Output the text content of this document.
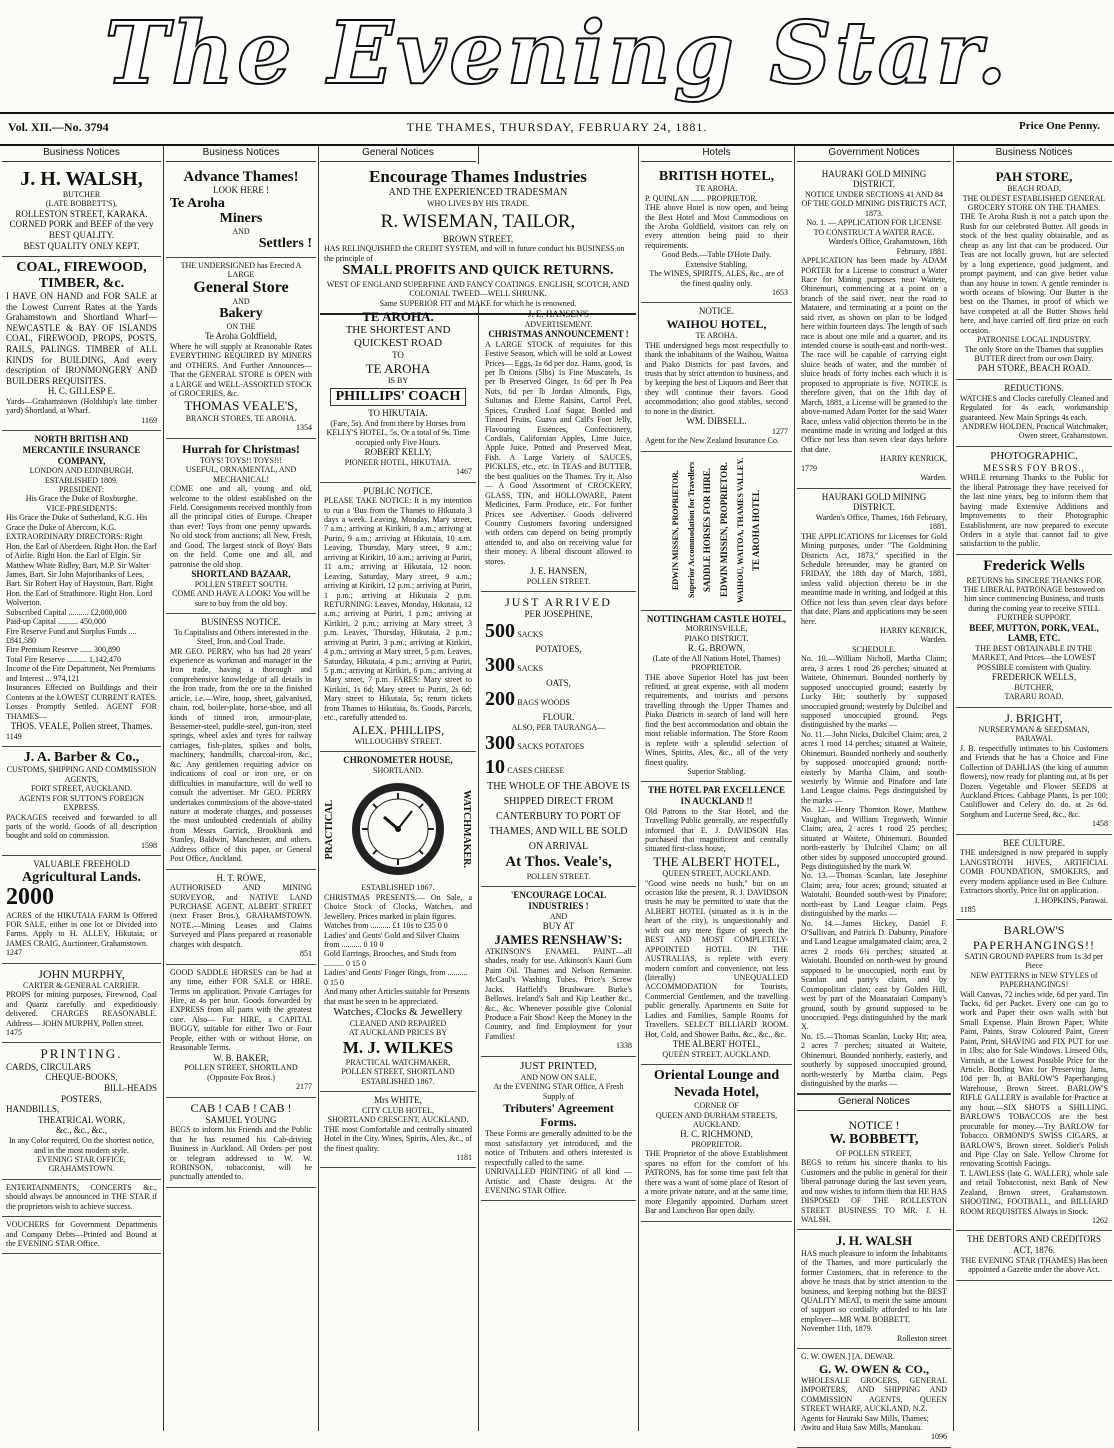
The Evening Star.
Vol. XII.—No. 3794	THE THAMES, THURSDAY, FEBRUARY 24, 1881.	Price One Penny.
Business Notices
J. H. WALSH,
BUTCHER
(LATE BOBBETT'S),
ROLLESTON STREET, KARAKA.
CORNED PORK and BEEF of the very BEST QUALITY.
BEST QUALITY ONLY KEPT.
COAL, FIREWOOD, TIMBER, &c.
I HAVE ON HAND and FOR SALE at the Lowest Current Rates at the Yards Grahamstown and Shortland Wharf— NEWCASTLE & BAY OF ISLANDS COAL, FIREWOOD, PROPS, POSTS, RAILS, PALINGS. TIMBER of ALL KINDS for BUILDING, And every description of IRONMONGERY AND BUILDERS REQUISITES.
H. C. GILLESP E.
Yards—Grahamstown (Holdship's late timber yard) Shortland, at Wharf.
1169
NORTH BRITISH AND MERCANTILE INSURANCE COMPANY,
LONDON AND EDINBURGH.
ESTABLISHED 1809.
PRESIDENT:
His Grace the Duke of Roxburghe.
VICE-PRESIDENTS:
His Grace the Duke of Sutherland, K.G. His Grace the Duke of Abercorn, K.G. EXTRAORDINARY DIRECTORS: Right Hon. the Earl of Aberdeen. Right Hon. the Earl of Airlie. Right Hon. the Earl of Elgin. Sir Matthew White Ridley, Bart, M.P. Sir Walter James, Bart. Sir John Majoribanks of Lees, Bart. Sir Robert Hay of Haystoun, Bart. Right Hon. the Earl of Strathmore. Right Hon. Lord Wolverton.
Subscribed Capital .......... £2,000,000
Paid-up Capital .......... 450,000
Fire Reserve Fund and Surplus Funds .... £841,580
Fire Premium Reserve ...... 300,890
Total Fire Reserve .......... 1,142,470
Income of the Fire Department, Net Premiums and Interest ... 974,121
Insurances Effected on Buildings and their Contents at the LOWEST CURRENT RATES. Losses Promptly Settled. AGENT FOR THAMES—
THOS. VEALE, Pollen street, Thames.
1149
J. A. Barber & Co.,
CUSTOMS, SHIPPING AND COMMISSION AGENTS,
FORT STREET, AUCKLAND.
AGENTS FOR SUTTON'S FOREIGN EXPRESS.
PACKAGES received and forwarded to all parts of the world. Goods of all description bought and sold on commission.
1598
VALUABLE FREEHOLD
Agricultural Lands.
2000
ACRES of the HIKUTAIA FARM Is Offered FOR SALE, either in one lot or Divided into Farms. Apply to H. ALLEY, Hikutaia; or JAMES CRAIG, Auctioneer, Grahamstown.
1247
JOHN MURPHY,
CARTER & GENERAL CARRIER.
PROPS for mining purposes, Firewood, Coal and Quartz carefully and expeditiously delivered. CHARGES REASONABLE. Address— JOHN MURPHY, Pollen street.
1475
PRINTING.
CARDS, CIRCULARS
CHEQUE-BOOKS,
BILL-HEADS
POSTERS,
HANDBILLS,
THEATRICAL WORK,
&c., &c., &c.,
In any Color required, On the shortest notice, and in the most modern style.
EVENING STAR OFFICE, GRAHAMSTOWN.
ENTERTAINMENTS, CONCERTS &c., should always be announced in THE STAR if the proprietors wish to achieve success.
VOUCHERS for Government Departments and Company Debts—Printed and Bound at the EVENING STAR Office.
Business Notices
Advance Thames!
LOOK HERE !
Te Aroha
Miners
AND
Settlers !
THE UNDERSIGNED has Erected A LARGE
General Store
AND
Bakery
ON THE
Te Aroha Goldfield,
Where he will supply at Reasonable Rates EVERYTHING REQUIRED BY MINERS and OTHERS. And Further Announces—That the GENERAL STORE is OPEN with a LARGE and WELL-ASSORTED STOCK of GROCERIES, &c.
THOMAS VEALE'S,
BRANCH STORES, TE AROHA.
1354
Hurrah for Christmas!
TOYS! TOYS!! TOYS!!!
USEFUL, ORNAMENTAL, AND MECHANICAL!
COME one and all, young and old, welcome to the oldest established on the Field. Consignments received monthly from all the principal cities of Europe. Cheaper than ever! Toys from one penny upwards. No old stock from auctions; all New, Fresh, and Good. The largest stock of Boys' Bats on the field. Come one and all, and patronise the old shop.
SHORTLAND BAZAAR,
POLLEN STREET SOUTH.
COME AND HAVE A LOOK! You will be sure to buy from the old boy.
BUSINESS NOTICE.
To Capitalists and Others interested in the Steel, Iron, and Coal Trade.
MR GEO. PERRY, who has had 28 years' experience as workman and manager in the Iron trade, having a thorough and comprehensive knowledge of all details in the Iron trade, from the ore to the finished article, i.e.—Wire, hoop, sheet, galvanised, chain, rod, boiler-plate, horse-shoe, and all kinds of tinned iron, armour-plate, Bessemer-steel, puddle-steel, gun-iron, steel springs, wheel axles and tyres for railway carriages, fish-plates, spikes and bolts, machinery, handmills, charcoal-iron, &c., &c. Any gentlemen requiring advice on indications of coal or iron ore, or on difficulties in manufacture, will do well to consult the advertiser. Mr GEO. PERRY undertakes commissions of the above-stated nature at moderate charges, and possesses the most undoubted credentials of ability from Messrs Garrick, Brookbank and Stanley, Baldwin, Manchester, and others. Address office of this paper, or General Post Office, Auckland.
H. T. ROWE,
AUTHORISED AND MINING SURVEYOR, and NATIVE LAND PURCHASE AGENT, ALBERT STREET (next Fraser Bros.), GRAHAMSTOWN. NOTE.—Mining Leases and Claims Surveyed and Plans prepared at reasonable charges with despatch.
851
GOOD SADDLE HORSES can be had at any time, either FOR SALE or HIRE. Terms on application. Private Carriages for Hire, at 4s per hour. Goods forwarded by EXPRESS from all parts with the greatest care. Also— For HIRE, a CAPITAL BUGGY, suitable for either Two or Four People, either with or without Horse, on Reasonable Terms.
W. B. BAKER,
POLLEN STREET, SHORTLAND
(Opposite Fox Bros.)
2177
CAB ! CAB ! CAB !
SAMUEL YOUNG
BEGS to inform his Friends and the Public that he has resumed his Cab-driving Business in Auckland. All Orders per post or telegram addressed to W. W. ROBINSON, tobacconist, will be punctually attended to.
General Notices
Encourage Thames Industries
AND THE EXPERIENCED TRADESMAN
WHO LIVES BY HIS TRADE.
R. WISEMAN, TAILOR,
BROWN STREET,
HAS RELINQUISHED the CREDIT SYSTEM, and will in future conduct his BUSINESS on the principle of
SMALL PROFITS AND QUICK RETURNS.
WEST OF ENGLAND SUPERFINE AND FANCY COATINGS. ENGLISH, SCOTCH, AND COLONIAL TWEED—WELL SHRUNK.
Same SUPERIOR FIT and MAKE for which he is renowned.
TE AROHA.
THE SHORTEST AND
QUICKEST ROAD
TO
TE AROHA
IS BY
PHILLIPS' COACH
TO HIKUTAIA.
(Fare, 5s). And from there by Horses from KELLY'S HOTEL, 5s, Or a total of 9s. Time occupied only Five Hours.
ROBERT KELLY,
PIONEER HOTEL, HIKUTAIA.
1467
PUBLIC NOTICE.
PLEASE TAKE NOTICE: It is my intention to run a 'Bus from the Thames to Hikutaia 3 days a week. Leaving, Monday, Mary street, 7 a.m.; arriving at Kirikiri, 8 a.m.; arriving at Puriri, 9 a.m.; arriving at Hikutaia, 10 a.m. Leaving, Thursday, Mary street, 9 a.m.; arriving at Kirikiri, 10 a.m.; arriving at Puriri, 11 a.m.; arriving at Hikutaia, 12 noon. Leaving, Saturday, Mary street, 9 a.m.; arriving at Kirikiri, 12 p.m.; arriving at Puriri, 1 p.m.; arriving at Hikutaia 2 p.m. RETURNING: Leaves, Monday, Hikutaia, 12 a.m.; arriving at Puriri, 1 p.m.; arriving at Kirikiri, 2 p.m.; arriving at Mary street, 3 p.m. Leaves, Thursday, Hikutaia, 2 p.m.; arriving at Puriri, 3 p.m.; arriving at Kirikiri, 4 p.m.; arriving at Mary street, 5 p.m. Leaves, Saturday, Hikutaia, 4 p.m.; arriving at Puriri, 5 p.m.; arriving at Kirikiri, 6 p.m.; arriving at Mary street, 7 p.m. FARES: Mary street to Kirikiri, 1s 6d; Mary street to Puriri, 2s 6d; Mary street to Hikutaia, 5s; return tickets from Thames to Hikutaia, 8s. Goods, Parcels, etc., carefully attended to.
ALEX. PHILLIPS,
WILLOUGHBY STREET.
CHRONOMETER HOUSE,
SHORTLAND.
PRACTICAL	WATCHMAKER.
ESTABLISHED 1867.
CHRISTMAS PRESENTS.— On Sale, a Choice Stock of Clocks, Watches, and Jewellery. Prices marked in plain figures.
Watches from .......... £1 10s to £35 0 0
Ladies' and Gents' Gold and Silver Chains from .......... 0 10 0
Gold Earrings, Brooches, and Studs from .......... 0 15 0
Ladies' and Gents' Finger Rings, from .......... 0 15 0
And many other Articles suitable for Presents that must be seen to be appreciated.
Watches, Clocks & Jewellery
CLEANED AND REPAIRED
AT AUCKLAND PRICES BY
M. J. WILKES
PRACTICAL WATCHMAKER,
POLLEN STREET, SHORTLAND
ESTABLISHED 1867.
Mrs WHITE,
CITY CLUB HOTEL,
SHORTLAND CRESCENT, AUCKLAND.
THE most Comfortable and centrally situated Hotel in the City. Wines, Spirits, Ales, &c., of the finest quality.
1181
J. E. HANSEN'S
ADVERTISEMENT.
CHRISTMAS ANNOUNCEMENT !
A LARGE STOCK of requisites for this Festive Season, which will be sold at Lowest Prices— Eggs, 1s 6d per doz. Hams, good, 1s per lb Onions (5lbs) 1s Fine Muscatels, 1s per lb Preserved Ginger, 1s 6d per lb Pea Nuts, 6d per lb Jordan Almonds, Figs, Sultanas and Eleme Raisins, Carrol Peel, Spices, Crushed Loaf Sugar. Bottled and Tinned Fruits, Guava and Calf's Foot Jelly, Flavouring Essences, Confectionery, Cordials, Californian Apples, Lime Juice, Apple Juice, Potted and Preserved Meat, Fish. A Large Variety of SAUCES, PICKLES, etc., etc. In TEAS and BUTTER, the best qualities on the Thames. Try it. Also— A Good Assortment of CROCKERY, GLASS, TIN, and HOLLOWARE, Patent Medicines, Farm Produce, etc. For further Prices see Advertiser. Goods delivered Country Customers favoring undersigned with orders can depend on being promptly attended to, and also on receiving value for their money. A liberal discount allowed to stores.
J. E. HANSEN,
POLLEN STREET.
JUST ARRIVED
PER JOSEPHINE,
500 SACKS
POTATOES,
300 SACKS
OATS,
200 BAGS WOODS
FLOUR.
ALSO, PER TAURANGA—
300 SACKS POTATOES
10 CASES CHEESE
THE WHOLE OF THE ABOVE IS SHIPPED DIRECT FROM CANTERBURY TO PORT OF THAMES, AND WILL BE SOLD ON ARRIVAL
At Thos. Veale's,
POLLEN STREET.
'ENCOURAGE LOCAL INDUSTRIES !
AND
BUY AT
JAMES RENSHAW'S:
ATKINSON'S ENAMEL PAINT—all shades, ready for use. Atkinson's Kauri Gum Paint Oil. Thames and Nelson Remanite. McCaul's Washing Tubes. Price's Screw Jacks. Hatfield's Brushware. Burke's Bellows. Ireland's Salt and Kip Leather &c., &c., &c. Whenever possible give Colonial Produce a Fair Show! Keep the Money in the Country, and find Employment for your Families!
1338
JUST PRINTED,
AND NOW ON SALE,
At the EVENING STAR Office, A Fresh Supply of
Tributers' Agreement Forms.
These Forms are generally admitted to be the most satisfactory yet introduced, and the notice of Tributers and others interested is respectfully called to the same.
UNRIVALLED PRINTING of all kind —Artistic and Chaste designs. At the EVENING STAR Office.
Hotels
BRITISH HOTEL,
TE AROHA.
P. QUINLAN ....... PROPRIETOR.
THE above Hotel is now open, and being the Best Hotel and Most Commodious on the Aroha Goldfield, visitors can rely on every attention being paid to their requirements.
Good Beds.—Table D'Hote Daily.
Extensive Stabling.
The WINES, SPIRITS, ALES, &c., are of the finest quality only.
1653
NOTICE.
WAIHOU HOTEL,
TE AROHA.
THE undersigned begs most respectfully to thank the inhabitants of the Waihou, Waitoa and Piako Districts for past favors, and trusts that by strict attention to business, and by keeping the best of Liquors and Beer that they will continue their favors. Good accommodation; also good stables, second to none in the district.
WM. DIBSELL.
1277
Agent for the New Zealand Insurance Co.
EDWIN MISSEN, PROPRIETOR. Superior Accommodation for Travellers SADDLE HORSES FOR HIRE. EDWIN MISSEN, PROPRIETOR. WAIHOU, WAITOA, THAMES VALLEY. TE AROHA HOTEL
NOTTINGHAM CASTLE HOTEL,
MORRINSVILLE,
PIAKO DISTRICT.
R. G. BROWN,
(Late of the All Nations Hotel, Thames) PROPRIETOR.
THE above Superior Hotel has just been refitted, at great expense, with all modern requirements, and tourists and persons travelling through the Upper Thames and Piako Districts in search of land will here find the best accommodation and obtain the most reliable information. The Store Room is replete with a splendid selection of Wines, Spirits, Ales, &c., all of the very finest quality.
Superior Stabling.
THE HOTEL PAR EXCELLENCE IN AUCKLAND !!
Old Patrons to the Star Hotel, and the Travelling Public generally, are respectfully informed that E. J. DAVIDSON Has purchased that magnificent and centrally situated first-class house,
THE ALBERT HOTEL,
QUEEN STREET, AUCKLAND.
"Good wine needs no bush," but on an occasion like the present, R. J. DAVIDSON trusts he may be permitted to state that the ALBERT HOTEL (situated as it is in the heart of the city), is unquestionably and with out any mere figure of speech the BEST AND MOST COMPLETELY-APPOINTED HOTEL IN THE AUSTRALIAS, is replete with every modern comfort and convenience, not less (literally) UNEQUALLED ACCOMMODATION for Tourists, Commercial Gentlemen, and the travelling public generally. Apartments en Suite for Ladies and Families, Sample Rooms for Travellers. SELECT BILLIARD ROOM. Hot, Cold, and Shower Baths, &c., &c., &c.
THE ALBERT HOTEL,
QUEEN STREET, AUCKLAND.
Oriental Lounge and Nevada Hotel,
CORNER OF
QUEEN AND DURHAM STREETS, AUCKLAND.
H. C. RICHMOND,
PROPRIETOR.
THE Proprietor of the above Establishment spares no effort for the comfort of his PATRONS, has for some time past felt that there was a want of some place of Resort of a more private nature, and at the same time, more Elegantly appointed. Durham street Bar and Luncheon Bar open daily.
Government Notices
HAURAKI GOLD MINING DISTRICT.
NOTICE UNDER SECTIONS 41 AND 84 OF THE GOLD MINING DISTRICTS ACT, 1873.
No. 1. — APPLICATION FOR LICENSE TO CONSTRUCT A WATER RACE.
Warden's Office, Grahamstown, 16th February, 1881.
APPLICATION has been made by ADAM PORTER for a License to construct a Water Race for Mining purposes near Waitete, Ohinemuri, commencing at a point on a branch of the said river, near the road to Matatere, and terminating at a point on the said river, as shown on plan to be lodged here within fourteen days. The length of such race is about one mile and a quarter, and its intended course is south-east and north-west. The race will be capable of carrying eight sluice heads of water, and the number of sluice heads of forty inches each which it is proposed to appropriate is five. NOTICE is therefore given, that on the 18th day of March, 1881, a License will be granted to the above-named Adam Porter for the said Water Race, unless valid objection thereto be in the meantime made in writing and lodged at this Office not less than seven clear days before that date.
HARRY KENRICK,
1779
Warden.
HAURAKI GOLD MINING DISTRICT.
Warden's Office, Thames, 16th February, 1881.
THE APPLICATIONS for Licenses for Gold Mining purposes, under "The Goldmining Districts Act, 1873," specified in the Schedule hereunder, may be granted on FRIDAY, the 18th day of March, 1881, unless valid objection thereto be in the meantime made in writing, and lodged at this Office not less than seven clear days before that date. Plans and applications may be seen here.
HARRY KENRICK,
Warden.
SCHEDULE.
No. 10.—William Nicholl, Martha Claim; area, 3 acres 1 rood 26 perches; situated at Waitete, Ohinemuri. Bounded northerly by supposed unoccupied ground; easterly by Lucky Hit; southerly by supposed unoccupied ground; westerly by Dulcibel and supposed unoccupied ground. Pegs distinguished by the marks —
No. 11.—John Nicks, Dulcibel Claim; area, 2 acres 1 rood 14 perches; situated at Waitete, Ohinemuri. Bounded northerly and southerly by supposed unoccupied ground; north-easterly by Martha Claim, and south-westerly by Winnie and Pinafore and late Land League claims. Pegs distinguished by the marks —
No. 12.—Henry Thornton Rowe, Matthew Vaughan, and William Tregoweth, Winnie Claim; area, 2 acres 1 rood 25 perches; situated at Waitete, Ohinemuri. Bounded north-easterly by Dulcibel Claim; on all other sides by supposed unoccupied ground. Pegs distinguished by the mark W.
No. 13.—Thomas Scanlan, late Josephine Claim; area, four acres; ground; situated at Waiotahi. Bounded south-west by Pinafore; north-east by Land League claim. Pegs distinguished by the marks —
No. 14.—James Hickey, Daniel F. O'Sullivan, and Patrick D. Dabunty, Pinafore and Land League amalgamated claim; area, 2 acres 2 roods 6¾ perches; situated at Waiotahi. Bounded on north-west by ground supposed to be unoccupied, north east by Scanlan and party's claim, and by Cosmopolitan claim; east by Golden Hill, west by part of the Moanataiari Company's ground, south by ground supposed to be unoccupied. Pegs distinguished by the mark X.
No. 15.—Thomas Scanlan, Lucky Hit; area, 2 acres 7 perches; situated at Waitete, Ohinemuri. Bounded northerly, easterly, and southerly by supposed unoccupied ground, north-westerly by Martha claim. Pegs distinguished by the marks —
General Notices
NOTICE !
W. BOBBETT,
OF POLLEN STREET,
BEGS to return his sincere thanks to his Customers and the public in general for their liberal patronage during the last seven years, and now wishes to inform them that HE HAS DISPOSED OF THE ROLLESTON STREET BUSINESS TO MR. J. H. WALSH.
J. H. WALSH
HAS much pleasure to inform the Inhabitants of the Thames, and more particularly the former Customers, that in reference to the above he trusts that by strict attention to the business, and keeping nothing but the BEST QUALITY MEAT, to merit the same amount of support so cordially afforded to his late employer—MR WM. BOBBETT.
November 11th, 1879.
Rolleston street
G. W. OWEN.] [A. DEWAR.
G. W. OWEN & CO.,
WHOLESALE GROCERS, GENERAL IMPORTERS, AND SHIPPING AND COMMISSION AGENTS, QUEEN STREET WHARF, AUCKLAND, N.Z.
Agents for Hauraki Saw Mills, Thames; Awitu and Huia Saw Mills, Manukau.
1096
Business Notices
PAH STORE,
BEACH ROAD,
THE OLDEST ESTABLISHED GENERAL GROCERY STORE ON THE THAMES.
THE Te Aroha Rush is not a patch upon the Rush for our celebrated Butter. All goods in stock of the best quality obtainable, and as cheap as any list that can be produced. Our Teas are not locally grown, but are selected by a long experience, good judgment, and prompt payment, and can give better value than any house in town. A gentle reminder is worth oceans of blowing. Our Butter is the best on the Thames, in proof of which we have competed at all the Butter Shows held here, and have carried off first prize on each occasion.
PATRONISE LOCAL INDUSTRY.
The only Store on the Thames that supplies BUTTER direct from our own Dairy.
PAH STORE, BEACH ROAD.
REDUCTIONS.
WATCHES and Clocks carefully Cleaned and Regulated for 4s each, workmanship guaranteed. New Main Springs 4s each.
ANDREW HOLDEN, Practical Watchmaker, Owen street, Grahamstown.
PHOTOGRAPHIC.
MESSRS FOY BROS.,
WHILE returning Thanks to the Public for the liberal Patronage they have received for the last nine years, beg to inform them that having made Extensive Additions and Improvements to their Photographic Establishment, are now prepared to execute Orders in a style that cannot fail to give satisfaction to the public.
Frederick Wells
RETURNS his SINCERE THANKS FOR THE LIBERAL PATRONAGE bestowed on him since commencing Business, and trusts during the coming year to receive STILL FURTHER SUPPORT.
BEEF, MUTTON, PORK, VEAL, LAMB, ETC.
THE BEST OBTAINABLE IN THE MARKET, And Prices—the LOWEST POSSIBLE consistent with Quality.
FREDERICK WELLS,
BUTCHER,
TARARU ROAD.
J. BRIGHT,
NURSERYMAN & SEEDSMAN,
PARAWAI.
J. B. respectfully intimates to his Customers and Friends that he has a Choice and Fine Collection of DAHLIAS (the king of autumn flowers), now ready for planting out, at 8s per Dozen. Vegetable and Flower SEEDS at Auckland Prices. Cabbage Plants, 1s per 100; Cauliflower and Celery do. do. at 2s 6d. Sorghum and Lucerne Seed, &c., &c.
1458
BEE CULTURE.
THE undersigned is now prepared to supply LANGSTROTH HIVES, ARTIFICIAL COMB FOUNDATION, SMOKERS, and every modern appliance used in Bee Culture. Extractors shortly. Price list on application.
I. HOPKINS, Parawai.
1185
BARLOW'S
PAPERHANGINGS!!
SATIN GROUND PAPERS from 1s 3d per Piece
NEW PATTERNS in NEW STYLES of PAPERHANGINGS!
Wall Canvas, 72 inches wide, 6d per yard. Tin Tacks, 6d per Packet. Every one can go to work and Paper their own walls with but Small Expense. Plain Brown Paper, White Paint, Paints, Straw Coloured Paint, Green Paint, Print, SHAVING and FIX PUT for use in 1lbs; also for Sale Windows. Linseed Oils, Varnish, at the Lowest Possible Price for the Article. Bottling Wax for Preserving Jams, 10d per lb, at BARLOW'S Paperhanging Warehouse, Brown Street. BARLOW'S RIFLE GALLERY is available for Practice at any hour.—SIX SHOTS a SHILLING. BARLOW'S TOBACCOS are the best procurable for money.—Try BARLOW for Tobacco. ORMOND'S SWISS CIGARS, at BARLOW'S, Brown street. Soldier's Polish and Pipe Clay on Sale. Yellow Chrome for renovating Scottish Facings.
T. LAWLESS (late G. WALLER), whole sale and retail Tobacconist, next Bank of New Zealand, Brown street, Grahamstown. SHOOTING, FOOTBALL, and BILLIARD ROOM REQUISITES Always in Stock.
1262
THE DEBTORS AND CREDITORS ACT, 1876.
THE EVENING STAR (THAMES) Has been appointed a Gazette under the above Act.
